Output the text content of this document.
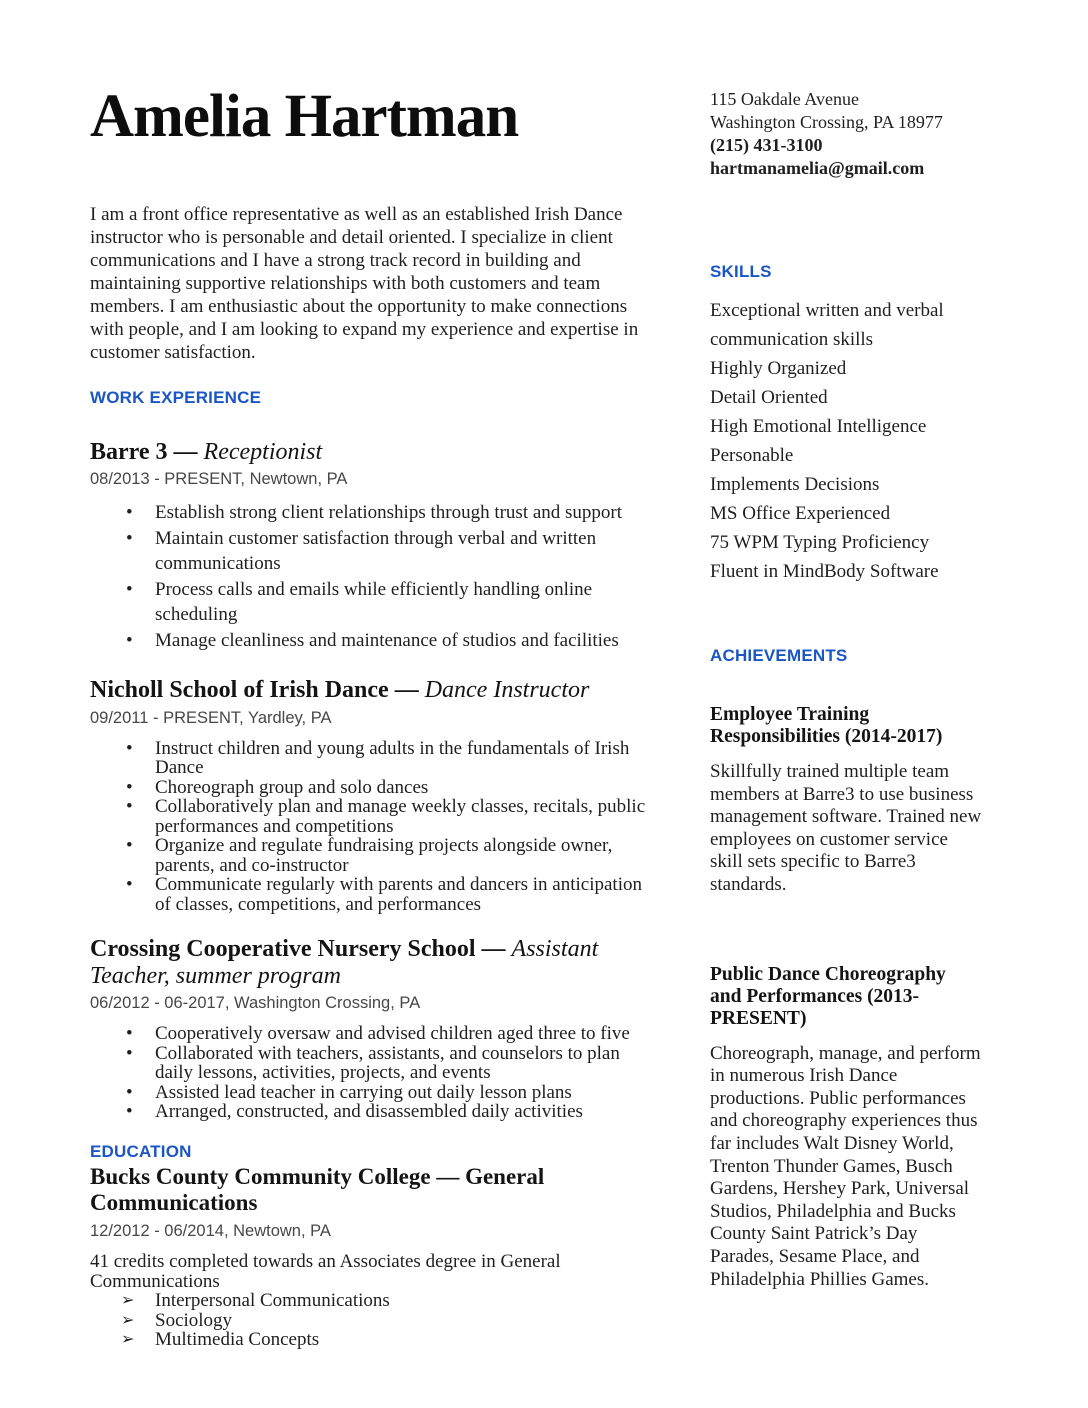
Amelia Hartman

I am a front office representative as well as an established Irish Dance instructor who is personable and detail oriented. I specialize in client communications and I have a strong track record in building and maintaining supportive relationships with both customers and team members. I am enthusiastic about the opportunity to make connections with people, and I am looking to expand my experience and expertise in customer satisfaction.

WORK EXPERIENCE
Barre 3 — Receptionist
08/2013 - PRESENT, Newtown, PA
• Establish strong client relationships through trust and support
• Maintain customer satisfaction through verbal and written communications
• Process calls and emails while efficiently handling online scheduling
• Manage cleanliness and maintenance of studios and facilities
Nicholl School of Irish Dance — Dance Instructor
09/2011 - PRESENT, Yardley, PA
• Instruct children and young adults in the fundamentals of Irish Dance
• Choreograph group and solo dances
• Collaboratively plan and manage weekly classes, recitals, public performances and competitions
• Organize and regulate fundraising projects alongside owner, parents, and co-instructor
• Communicate regularly with parents and dancers in anticipation of classes, competitions, and performances
Crossing Cooperative Nursery School — Assistant Teacher, summer program
06/2012 - 06-2017, Washington Crossing, PA
• Cooperatively oversaw and advised children aged three to five
• Collaborated with teachers, assistants, and counselors to plan daily lessons, activities, projects, and events
• Assisted lead teacher in carrying out daily lesson plans
• Arranged, constructed, and disassembled daily activities
EDUCATION
Bucks County Community College — General Communications
12/2012 - 06/2014, Newtown, PA

41 credits completed towards an Associates degree in General Communications

➢ Interpersonal Communications
➢ Sociology
➢ Multimedia Concepts
115 Oakdale Avenue
Washington Crossing, PA 18977
(215) 431-3100
hartmanamelia@gmail.com
SKILLS
Exceptional written and verbal communication skills
Highly Organized
Detail Oriented
High Emotional Intelligence
Personable
Implements Decisions
MS Office Experienced
75 WPM Typing Proficiency
Fluent in MindBody Software
ACHIEVEMENTS
Employee Training Responsibilities (2014-2017)

Skillfully trained multiple team members at Barre3 to use business management software. Trained new employees on customer service skill sets specific to Barre3 standards.

Public Dance Choreography and Performances (2013-PRESENT)

Choreograph, manage, and perform in numerous Irish Dance productions. Public performances and choreography experiences thus far includes Walt Disney World, Trenton Thunder Games, Busch Gardens, Hershey Park, Universal Studios, Philadelphia and Bucks County Saint Patrick’s Day Parades, Sesame Place, and Philadelphia Phillies Games.
